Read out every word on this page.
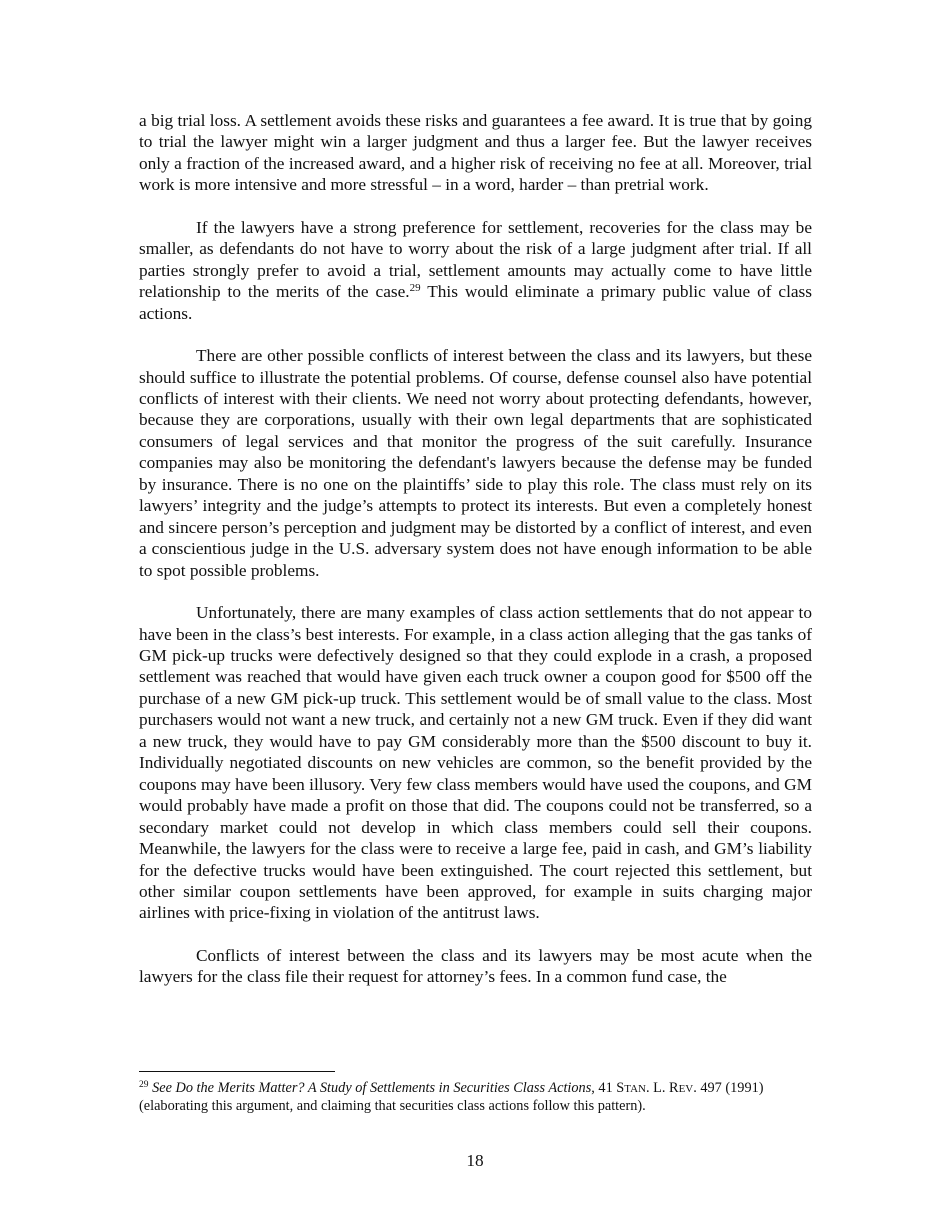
a big trial loss. A settlement avoids these risks and guarantees a fee award. It is true that by going to trial the lawyer might win a larger judgment and thus a larger fee. But the lawyer receives only a fraction of the increased award, and a higher risk of receiving no fee at all. Moreover, trial work is more intensive and more stressful – in a word, harder – than pretrial work.

If the lawyers have a strong preference for settlement, recoveries for the class may be smaller, as defendants do not have to worry about the risk of a large judgment after trial. If all parties strongly prefer to avoid a trial, settlement amounts may actually come to have little relationship to the merits of the case.$^{29}$ This would eliminate a primary public value of class actions.

There are other possible conflicts of interest between the class and its lawyers, but these should suffice to illustrate the potential problems. Of course, defense counsel also have potential conflicts of interest with their clients. We need not worry about protecting defendants, however, because they are corporations, usually with their own legal departments that are sophisticated consumers of legal services and that monitor the progress of the suit carefully. Insurance companies may also be monitoring the defendant's lawyers because the defense may be funded by insurance. There is no one on the plaintiffs’ side to play this role. The class must rely on its lawyers’ integrity and the judge’s attempts to protect its interests. But even a completely honest and sincere person’s perception and judgment may be distorted by a conflict of interest, and even a conscientious judge in the U.S. adversary system does not have enough information to be able to spot possible problems.

Unfortunately, there are many examples of class action settlements that do not appear to have been in the class’s best interests. For example, in a class action alleging that the gas tanks of GM pick-up trucks were defectively designed so that they could explode in a crash, a proposed settlement was reached that would have given each truck owner a coupon good for $500 off the purchase of a new GM pick-up truck. This settlement would be of small value to the class. Most purchasers would not want a new truck, and certainly not a new GM truck. Even if they did want a new truck, they would have to pay GM considerably more than the $500 discount to buy it. Individually negotiated discounts on new vehicles are common, so the benefit provided by the coupons may have been illusory. Very few class members would have used the coupons, and GM would probably have made a profit on those that did. The coupons could not be transferred, so a secondary market could not develop in which class members could sell their coupons. Meanwhile, the lawyers for the class were to receive a large fee, paid in cash, and GM’s liability for the defective trucks would have been extinguished. The court rejected this settlement, but other similar coupon settlements have been approved, for example in suits charging major airlines with price-fixing in violation of the antitrust laws.

Conflicts of interest between the class and its lawyers may be most acute when the lawyers for the class file their request for attorney’s fees. In a common fund case, the

$^{29}$ See Do the Merits Matter? A Study of Settlements in Securities Class Actions, 41 STAN. L. REV. 497 (1991) (elaborating this argument, and claiming that securities class actions follow this pattern).

18
